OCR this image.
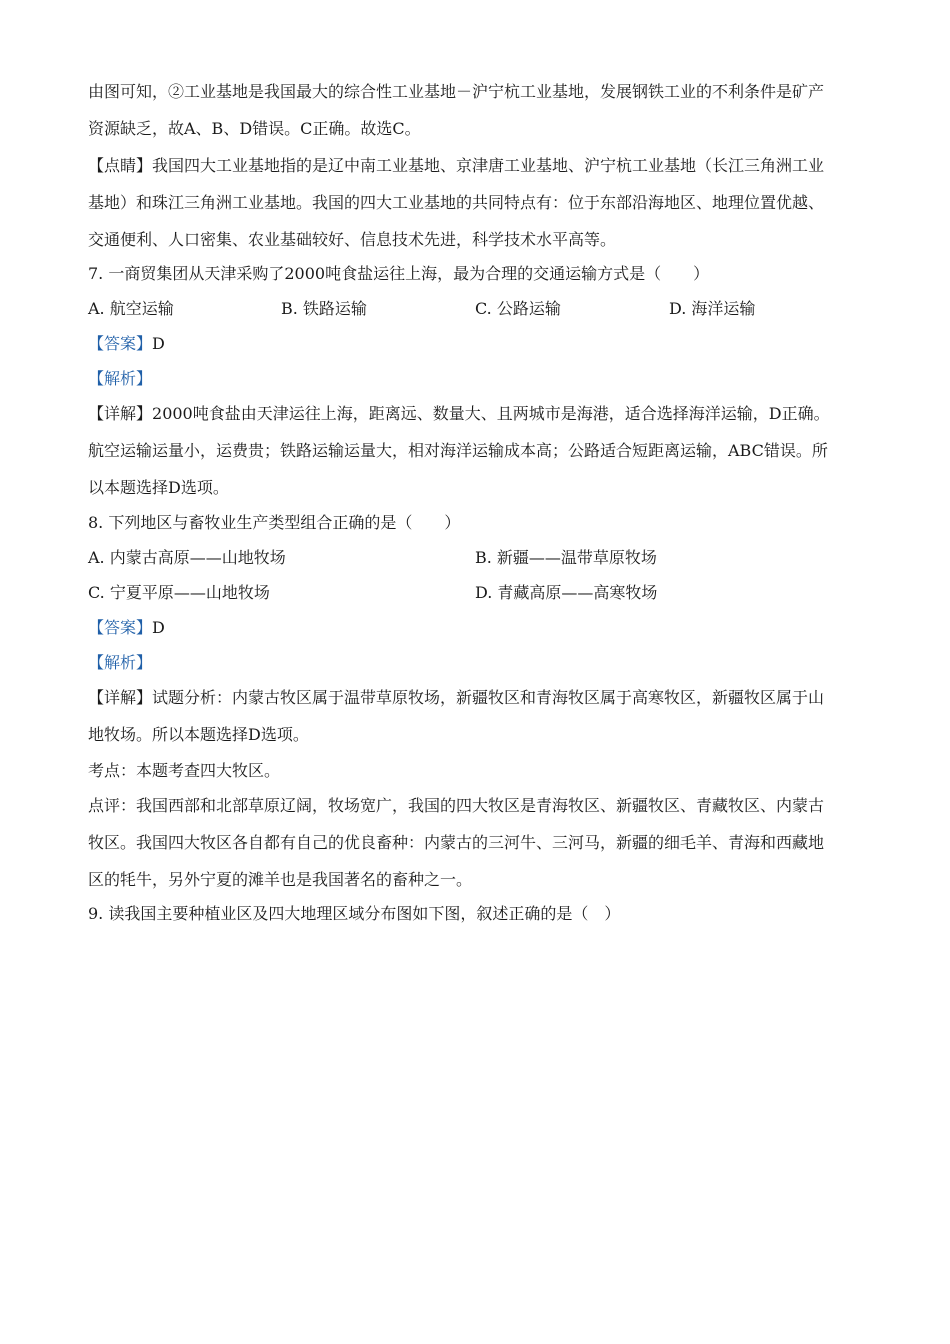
由图可知，②工业基地是我国最大的综合性工业基地－沪宁杭工业基地，发展钢铁工业的不利条件是矿产
资源缺乏，故A、B、D错误。C正确。故选C。
【点睛】我国四大工业基地指的是辽中南工业基地、京津唐工业基地、沪宁杭工业基地（长江三角洲工业
基地）和珠江三角洲工业基地。我国的四大工业基地的共同特点有：位于东部沿海地区、地理位置优越、
交通便利、人口密集、农业基础较好、信息技术先进，科学技术水平高等。
7. 一商贸集团从天津采购了2000吨食盐运往上海，最为合理的交通运输方式是（　　）
A. 航空运输	B. 铁路运输	C. 公路运输	D. 海洋运输
【答案】D
【解析】
【详解】2000吨食盐由天津运往上海，距离远、数量大、且两城市是海港，适合选择海洋运输，D正确。
航空运输运量小，运费贵；铁路运输运量大，相对海洋运输成本高；公路适合短距离运输，ABC错误。所
以本题选择D选项。
8. 下列地区与畜牧业生产类型组合正确的是（　　）
A. 内蒙古高原——山地牧场	B. 新疆——温带草原牧场
C. 宁夏平原——山地牧场	D. 青藏高原——高寒牧场
【答案】D
【解析】
【详解】试题分析：内蒙古牧区属于温带草原牧场，新疆牧区和青海牧区属于高寒牧区，新疆牧区属于山
地牧场。所以本题选择D选项。
考点：本题考查四大牧区。
点评：我国西部和北部草原辽阔，牧场宽广，我国的四大牧区是青海牧区、新疆牧区、青藏牧区、内蒙古
牧区。我国四大牧区各自都有自己的优良畜种：内蒙古的三河牛、三河马，新疆的细毛羊、青海和西藏地
区的牦牛，另外宁夏的滩羊也是我国著名的畜种之一。
9. 读我国主要种植业区及四大地理区域分布图如下图，叙述正确的是（　）
